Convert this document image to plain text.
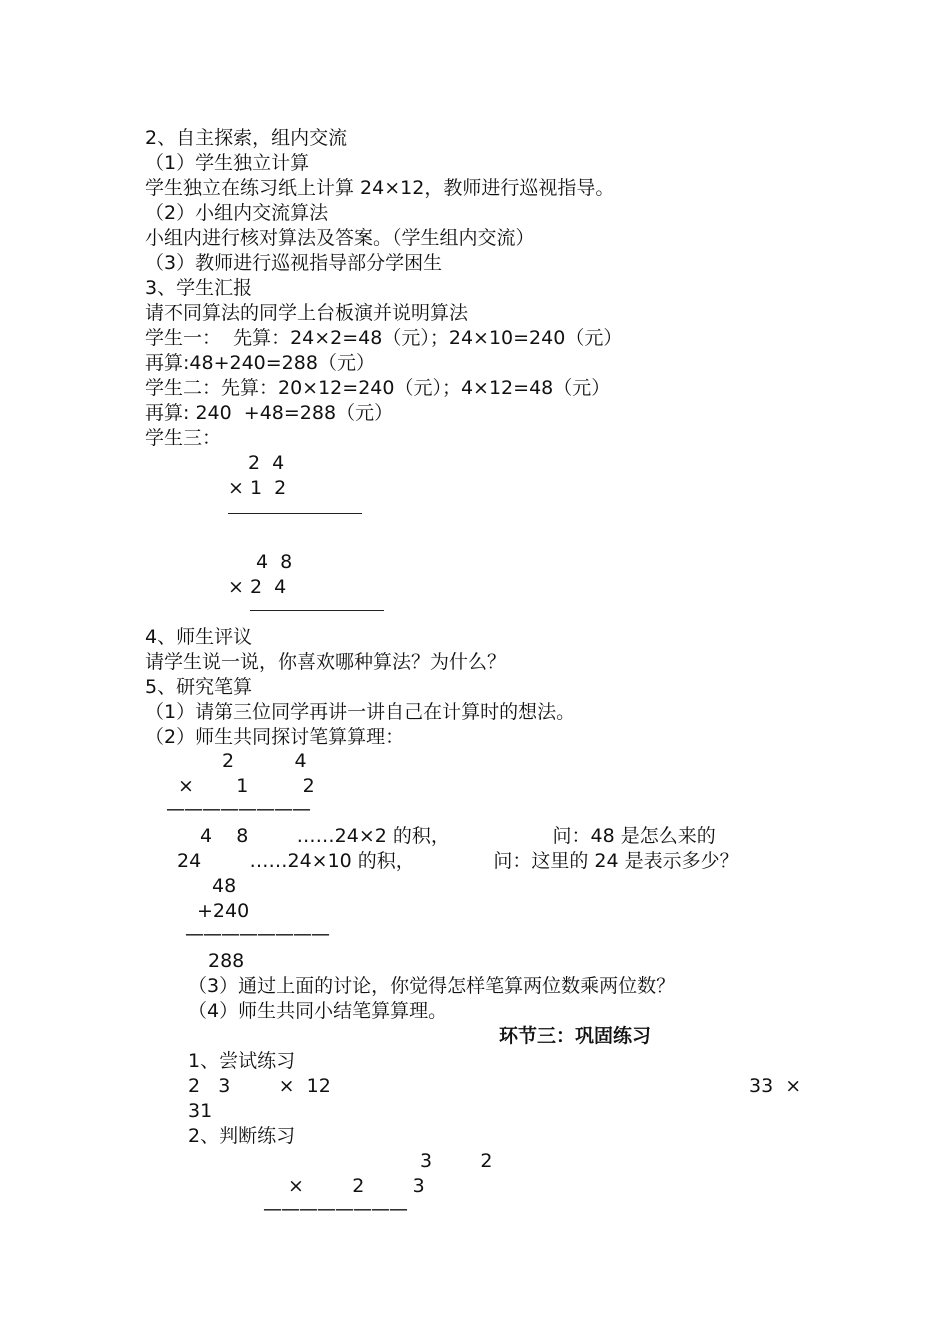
2、自主探索，组内交流
（1）学生独立计算
学生独立在练习纸上计算 24×12，教师进行巡视指导。
（2）小组内交流算法
小组内进行核对算法及答案。（学生组内交流）
（3）教师进行巡视指导部分学困生
3、学生汇报
请不同算法的同学上台板演并说明算法
学生一：  先算：24×2=48（元）；24×10=240（元）
再算:48+240=288（元）
学生二：先算：20×12=240（元）；4×12=48（元）
再算: 240  +48=288（元）
学生三：
2  4
× 1  2
4  8
× 2  4
4、师生评议
请学生说一说，你喜欢哪种算法？为什么？
5、研究笔算
（1）请第三位同学再讲一讲自己在计算时的想法。
（2）师生共同探讨笔算算理：
2          4
×       1         2
————————
4    8        ……24×2 的积，                 问：48 是怎么来的
24        ……24×10 的积，             问：这里的 24 是表示多少？
48
+240
————————
288
（3）通过上面的讨论，你觉得怎样笔算两位数乘两位数？
（4）师生共同小结笔算算理。
环节三：巩固练习
1、尝试练习
2   3        ×  12	33  ×
31
2、判断练习
3        2
×        2        3
————————
